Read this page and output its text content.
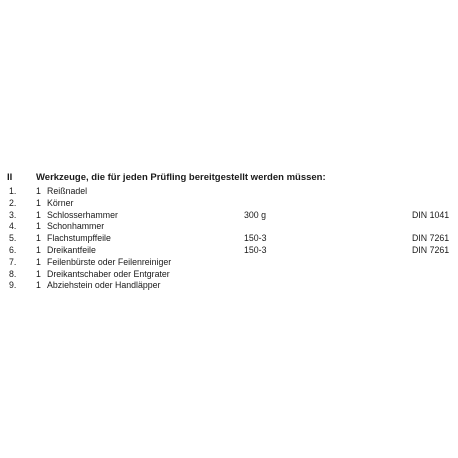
II Werkzeuge, die für jeden Prüfling bereitgestellt werden müssen:
1. 1 Reißnadel
2. 1 Körner
3. 1 Schlosserhammer	300 g	DIN 1041
4. 1 Schonhammer
5. 1 Flachstumpffeile	150-3	DIN 7261
6. 1 Dreikantfeile	150-3	DIN 7261
7. 1 Feilenbürste oder Feilenreiniger
8. 1 Dreikantschaber oder Entgrater
9. 1 Abziehstein oder Handläpper
